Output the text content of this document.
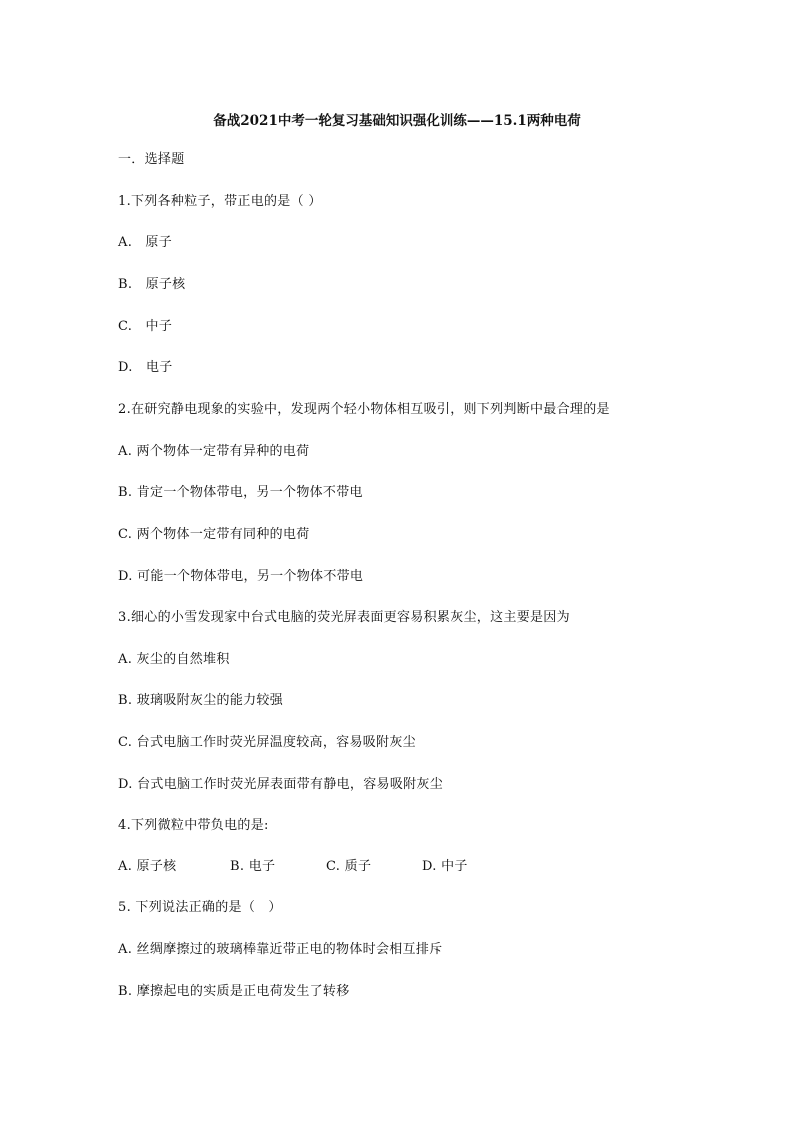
备战2021中考一轮复习基础知识强化训练——15.1两种电荷
一．选择题
1.下列各种粒子，带正电的是（ ）
A.　原子
B.　原子核
C.　中子
D.　电子
2.在研究静电现象的实验中，发现两个轻小物体相互吸引，则下列判断中最合理的是
A. 两个物体一定带有异种的电荷
B. 肯定一个物体带电，另一个物体不带电
C. 两个物体一定带有同种的电荷
D. 可能一个物体带电，另一个物体不带电
3.细心的小雪发现家中台式电脑的荧光屏表面更容易积累灰尘，这主要是因为
A. 灰尘的自然堆积
B. 玻璃吸附灰尘的能力较强
C. 台式电脑工作时荧光屏温度较高，容易吸附灰尘
D. 台式电脑工作时荧光屏表面带有静电，容易吸附灰尘
4.下列微粒中带负电的是:
A. 原子核	B. 电子	C. 质子	D. 中子
5. 下列说法正确的是（　）
A. 丝绸摩擦过的玻璃棒靠近带正电的物体时会相互排斥
B. 摩擦起电的实质是正电荷发生了转移
